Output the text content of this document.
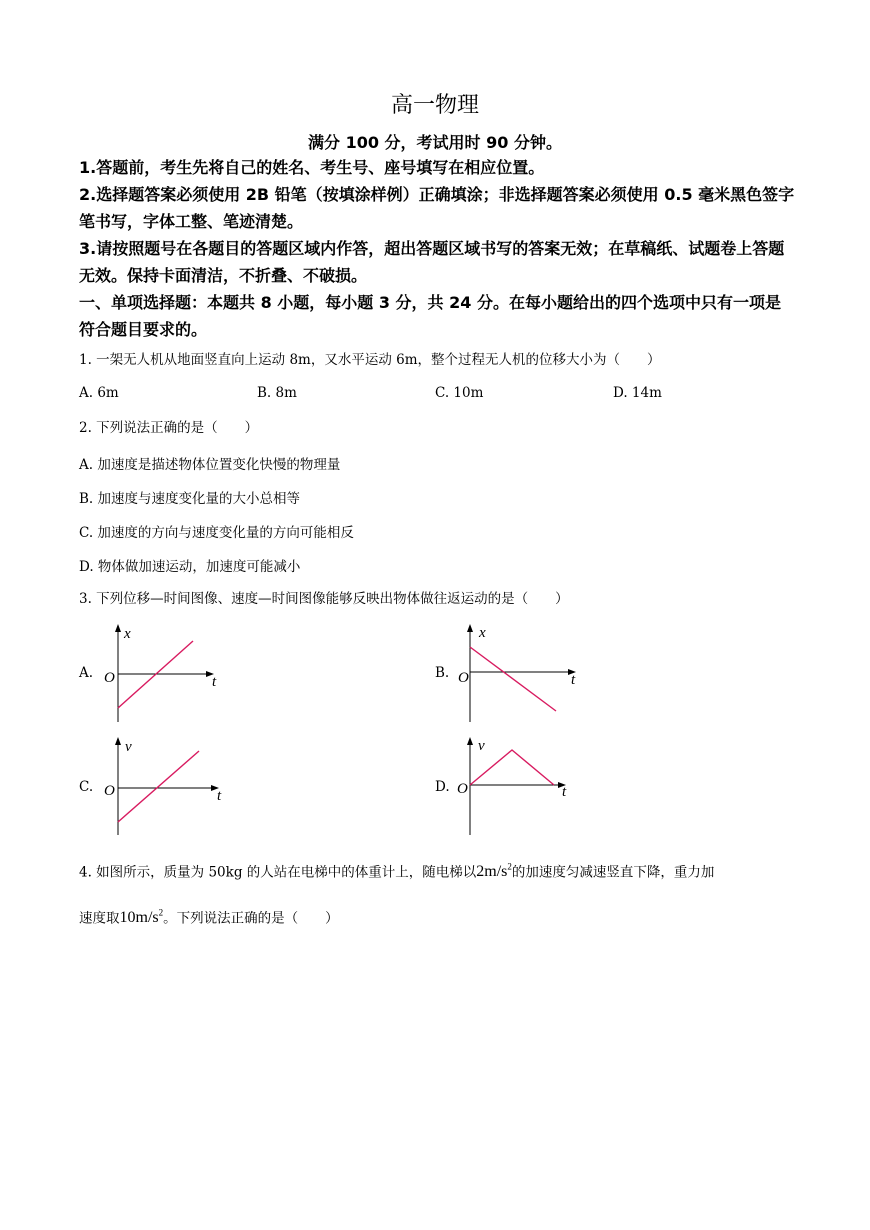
高一物理
满分 100 分，考试用时 90 分钟。
1.答题前，考生先将自己的姓名、考生号、座号填写在相应位置。
2.选择题答案必须使用 2B 铅笔（按填涂样例）正确填涂；非选择题答案必须使用 0.5 毫米黑色签字笔书写，字体工整、笔迹清楚。
3.请按照题号在各题目的答题区域内作答，超出答题区域书写的答案无效；在草稿纸、试题卷上答题无效。保持卡面清洁，不折叠、不破损。
一、单项选择题：本题共 8 小题，每小题 3 分，共 24 分。在每小题给出的四个选项中只有一项是符合题目要求的。
1. 一架无人机从地面竖直向上运动 8m，又水平运动 6m，整个过程无人机的位移大小为（　　）
A. 6m	B. 8m	C. 10m	D. 14m
2. 下列说法正确的是（　　）
A. 加速度是描述物体位置变化快慢的物理量
B. 加速度与速度变化量的大小总相等
C. 加速度的方向与速度变化量的方向可能相反
D. 物体做加速运动，加速度可能减小
3. 下列位移—时间图像、速度—时间图像能够反映出物体做往返运动的是（　　）
A.
x
t
O	B.
x
t
O
C.
v
t
O	D.
v
t
O
4. 如图所示，质量为 50kg 的人站在电梯中的体重计上，随电梯以$2m/s^2$的加速度匀减速竖直下降，重力加
速度取$10m/s^2$。下列说法正确的是（　　）
